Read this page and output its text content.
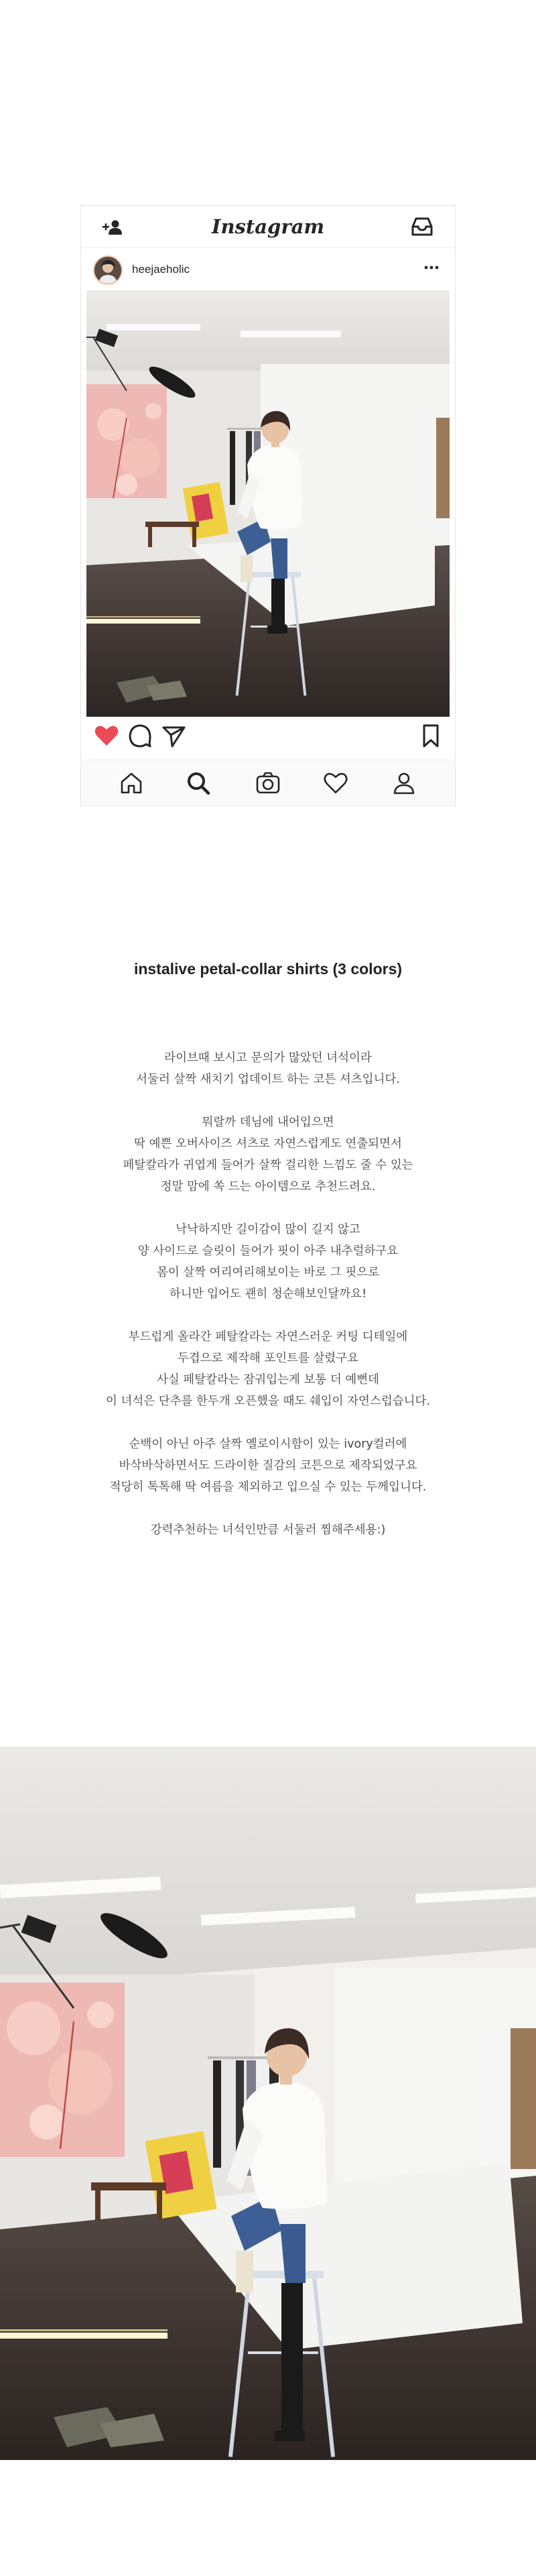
Instagram
heejaeholic
instalive petal-collar shirts (3 colors)

라이브때 보시고 문의가 많았던 녀석이라
서둘러 살짝 새치기 업데이트 하는 코튼 셔츠입니다.

뭐랄까 데님에 내어입으면
딱 예쁜 오버사이즈 셔츠로 자연스럽게도 연출되면서
페탈칼라가 귀엽게 들어가 살짝 걸리한 느낌도 줄 수 있는
정말 맘에 쏙 드는 아이템으로 추천드려요.

낙낙하지만 길이감이 많이 길지 않고
양 사이드로 슬릿이 들어가 핏이 아주 내추럴하구요
몸이 살짝 여리여리해보이는 바로 그 핏으로
하니만 입어도 괜히 청순해보인달까요!

부드럽게 올라간 페탈칼라는 자연스러운 커팅 디테일에
두겹으로 제작해 포인트를 살렸구요
사실 페탈칼라는 잠궈입는게 보통 더 예뻔데
이 녀석은 단추를 한두개 오픈했을 때도 쉐입이 자연스럽습니다.

순백이 아닌 아주 살짝 옐로이시함이 있는 ivory컬러에
바삭바삭하면서도 드라이한 질감의 코튼으로 제작되었구요
적당히 톡톡해 딱 여름을 제외하고 입으실 수 있는 두께입니다.

강력추천하는 녀석인만큼 서둘러 찜해주세용:)
